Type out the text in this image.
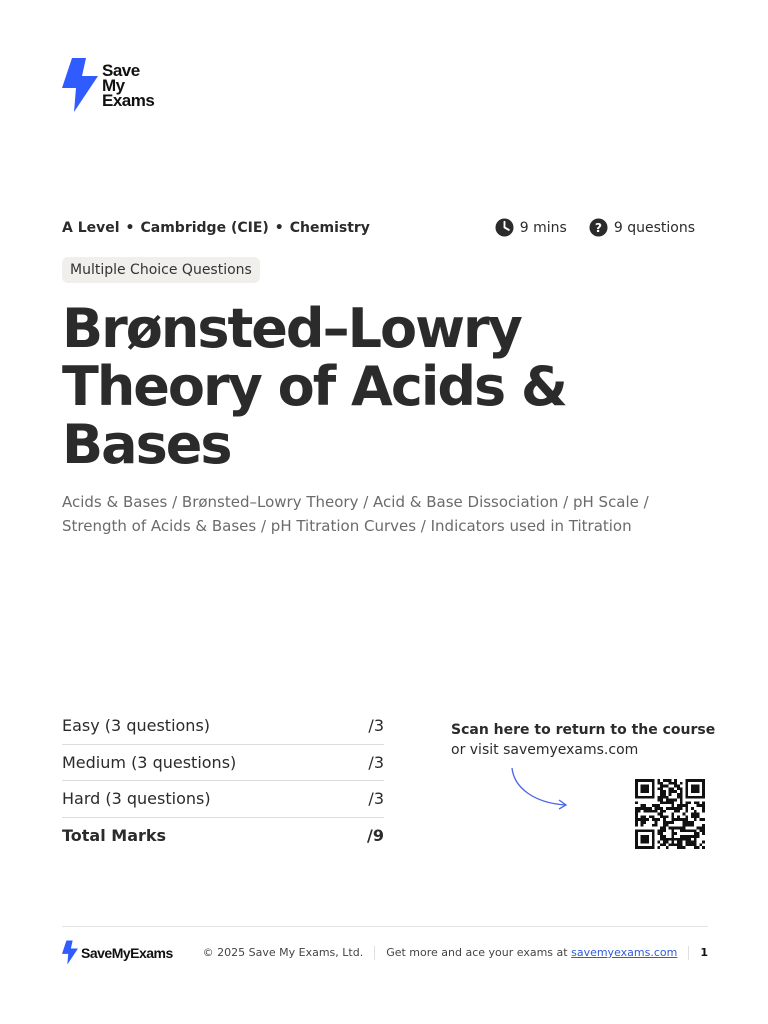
Save
My
Exams
A Level • Cambridge (CIE) • Chemistry	9 mins ? 9 questions
Multiple Choice Questions
Brønsted–Lowry Theory of Acids & Bases
Acids & Bases / Brønsted–Lowry Theory / Acid & Base Dissociation / pH Scale /
Strength of Acids & Bases / pH Titration Curves / Indicators used in Titration
Easy (3 questions)	/3
Medium (3 questions)	/3
Hard (3 questions)	/3
Total Marks	/9
Scan here to return to the course
or visit savemyexams.com
SaveMyExams	© 2025 Save My Exams, Ltd. Get more and ace your exams at
savemyexams.com 1
